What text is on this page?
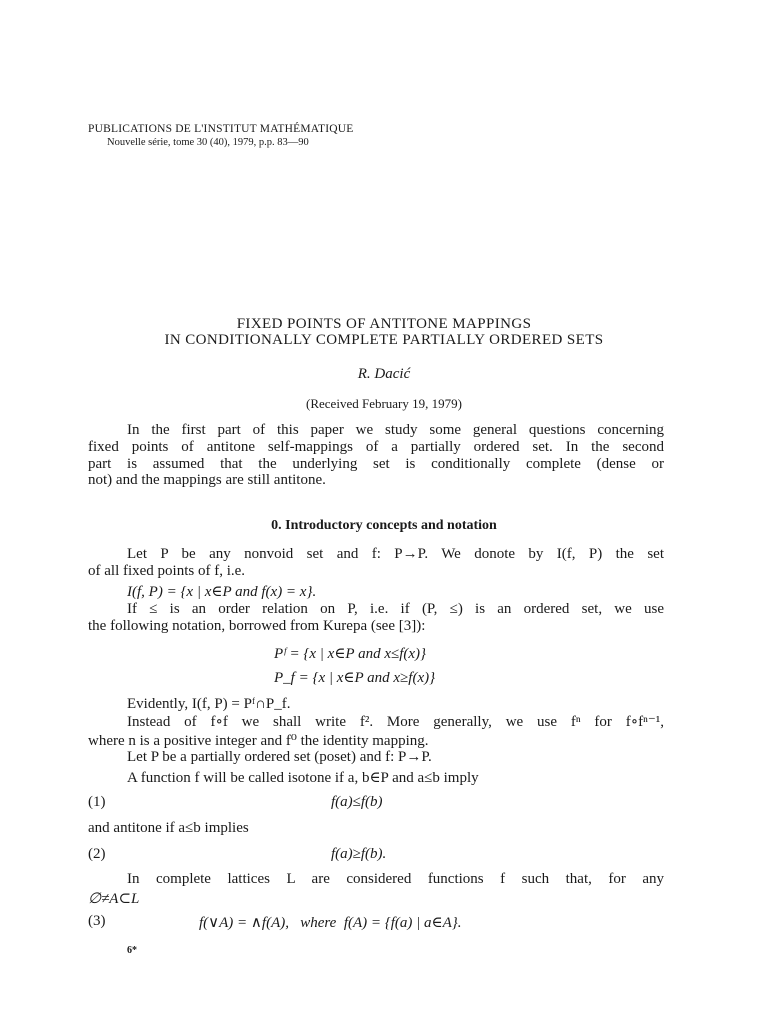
PUBLICATIONS DE L'INSTITUT MATHÉMATIQUE
Nouvelle série, tome 30 (40), 1979, p.p. 83—90
FIXED POINTS OF ANTITONE MAPPINGS
IN CONDITIONALLY COMPLETE PARTIALLY ORDERED SETS
R. Dacić
(Received February 19, 1979)
In the first part of this paper we study some general questions concerning
fixed points of antitone self-mappings of a partially ordered set. In the second
part is assumed that the underlying set is conditionally complete (dense or
not) and the mappings are still antitone.
0. Introductory concepts and notation
Let P be any nonvoid set and f: P→P. We donote by I(f, P) the set
of all fixed points of f, i.e.
I(f, P) = {x | x∈P and f(x) = x}.
If ≤ is an order relation on P, i.e. if (P, ≤) is an ordered set, we use
the following notation, borrowed from Kurepa (see [3]):
Pᶠ = {x | x∈P and x≤f(x)}
P_f = {x | x∈P and x≥f(x)}
Evidently, I(f, P) = Pᶠ∩P_f.
Instead of f∘f we shall write f². More generally, we use fⁿ for f∘fⁿ⁻¹,
where n is a positive integer and f⁰ the identity mapping.
Let P be a partially ordered set (poset) and f: P→P.
A function f will be called isotone if a, b∈P and a≤b imply
(1)	f(a)≤f(b)
and antitone if a≤b implies
(2)	f(a)≥f(b).
In complete lattices L are considered functions f such that, for any
∅≠A⊂L
(3)	f(∨A) = ∧f(A),   where  f(A) = {f(a) | a∈A}.
6*
